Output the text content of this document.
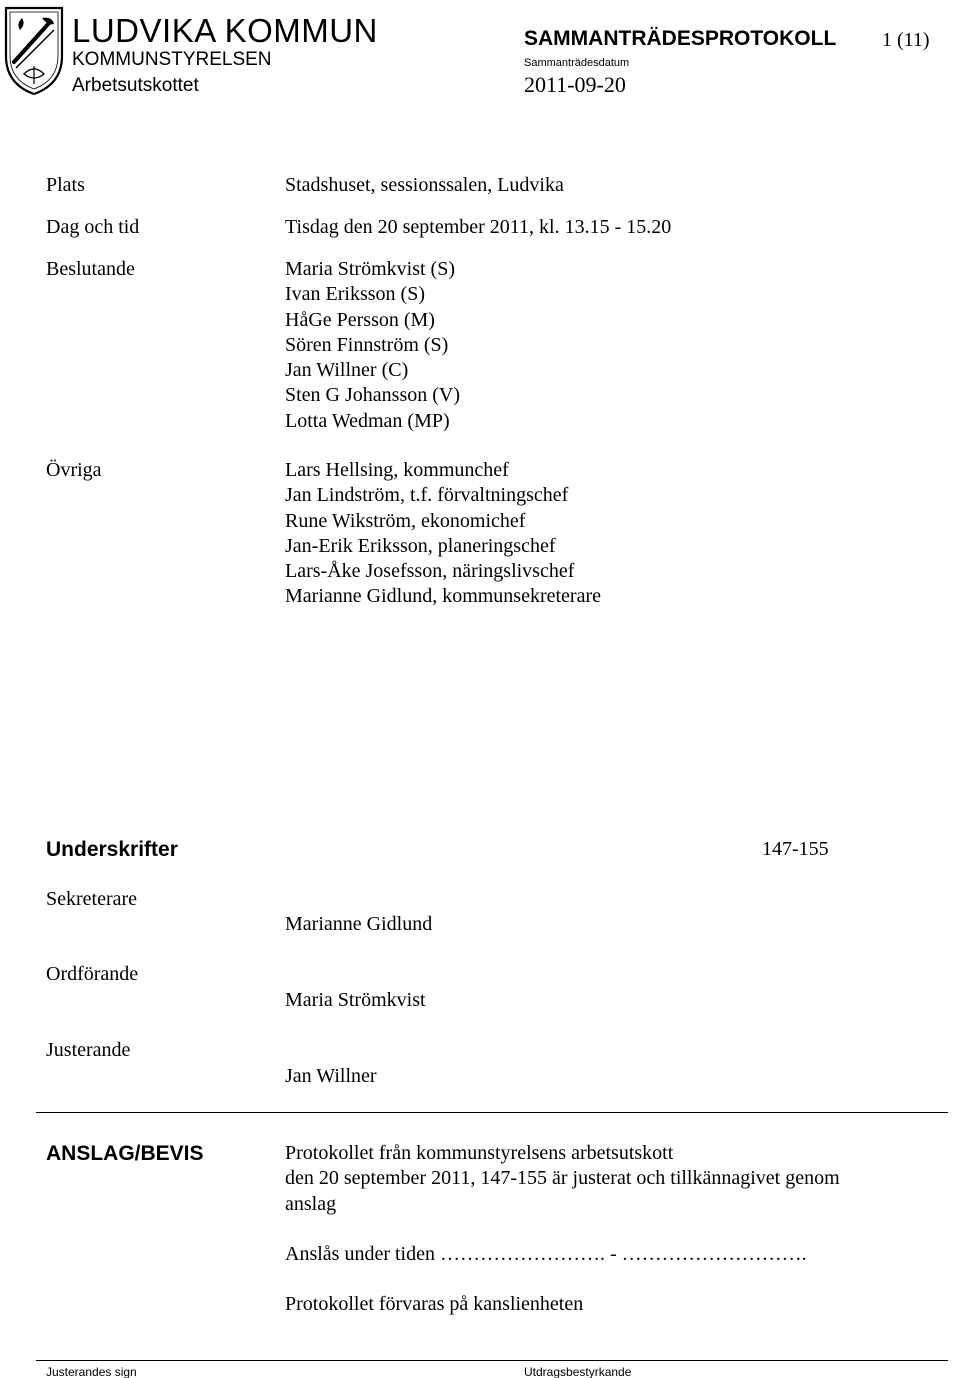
LUDVIKA KOMMUN
KOMMUNSTYRELSEN
Arbetsutskottet
SAMMANTRÄDESPROTOKOLL 1 (11)
Sammanträdesdatum
2011-09-20
Plats	Stadshuset, sessionssalen, Ludvika
Dag och tid	Tisdag den 20 september 2011, kl. 13.15 - 15.20
Beslutande	Maria Strömkvist (S)
Ivan Eriksson (S)
HåGe Persson (M)
Sören Finnström (S)
Jan Willner (C)
Sten G Johansson (V)
Lotta Wedman (MP)
Övriga	Lars Hellsing, kommunchef
Jan Lindström, t.f. förvaltningschef
Rune Wikström, ekonomichef
Jan-Erik Eriksson, planeringschef
Lars-Åke Josefsson, näringslivschef
Marianne Gidlund, kommunsekreterare
Underskrifter	147-155
Sekreterare
Marianne Gidlund
Ordförande
Maria Strömkvist
Justerande
Jan Willner
ANSLAG/BEVIS	Protokollet från kommunstyrelsens arbetsutskott
den 20 september 2011, 147-155 är justerat och tillkännagivet genom
anslag
Anslås under tiden ……………………. - ……………………….
Protokollet förvaras på kanslienheten
Justerandes sign	Utdragsbestyrkande
